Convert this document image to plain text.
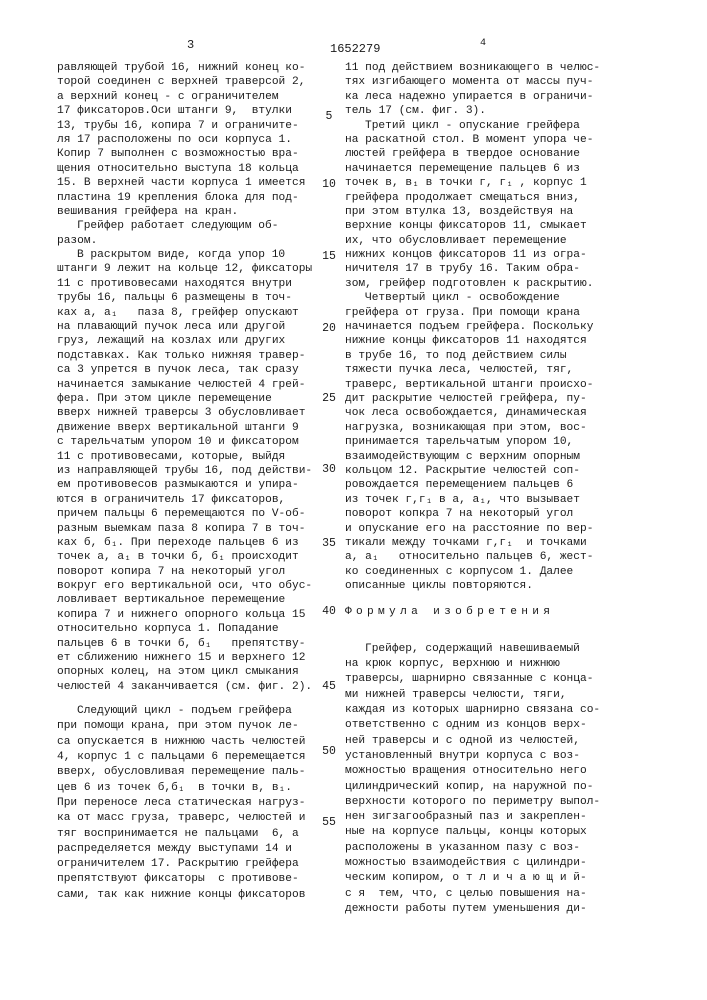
3	1652279	4
равляющей трубой 16, нижний конец ко-
торой соединен с верхней траверсой 2,
а верхний конец - с ограничителем
17 фиксаторов.Оси штанги 9,  втулки
13, трубы 16, копира 7 и ограничите-
ля 17 расположены по оси корпуса 1.
Копир 7 выполнен с возможностью вра-
щения относительно выступа 18 кольца
15. В верхней части корпуса 1 имеется
пластина 19 крепления блока для под-
вешивания грейфера на кран.
Грейфер работает следующим об-
разом.
В раскрытом виде, когда упор 10
штанги 9 лежит на кольце 12, фиксаторы
11 с противовесами находятся внутри
трубы 16, пальцы 6 размещены в точ-
ках а, а₁   паза 8, грейфер опускают
на плавающий пучок леса или другой
груз, лежащий на козлах или других
подставках. Как только нижняя травер-
са 3 упрется в пучок леса, так сразу
начинается замыкание челюстей 4 грей-
фера. При этом цикле перемещение
вверх нижней траверсы 3 обусловливает
движение вверх вертикальной штанги 9
с тарельчатым упором 10 и фиксатором
11 с противовесами, которые, выйдя
из направляющей трубы 16, под действи-
ем противовесов размыкаются и упира-
ются в ограничитель 17 фиксаторов,
причем пальцы 6 перемещаются по V-об-
разным выемкам паза 8 копира 7 в точ-
ках б, б₁. При переходе пальцев 6 из
точек а, а₁ в точки б, б₁ происходит
поворот копира 7 на некоторый угол
вокруг его вертикальной оси, что обус-
ловливает вертикальное перемещение
копира 7 и нижнего опорного кольца 15
относительно корпуса 1. Попадание
пальцев 6 в точки б, б₁   препятству-
ет сближению нижнего 15 и верхнего 12
опорных колец, на этом цикл смыкания
челюстей 4 заканчивается (см. фиг. 2).
Следующий цикл - подъем грейфера
при помощи крана, при этом пучок ле-
са опускается в нижнюю часть челюстей
4, корпус 1 с пальцами 6 перемещается
вверх, обусловливая перемещение паль-
цев 6 из точек б,б₁  в точки в, в₁.
При переносе леса статическая нагруз-
ка от масс груза, траверс, челюстей и
тяг воспринимается не пальцами  6, а
распределяется между выступами 14 и
ограничителем 17. Раскрытию грейфера
препятствуют фиксаторы  с противове-
сами, так как нижние концы фиксаторов
11 под действием возникающего в челюс-
тях изгибающего момента от массы пуч-
ка леса надежно упирается в ограничи-
тель 17 (см. фиг. 3).
Третий цикл - опускание грейфера
на раскатной стол. В момент упора че-
люстей грейфера в твердое основание
начинается перемещение пальцев 6 из
точек в, в₁ в точки г, г₁ , корпус 1
грейфера продолжает смещаться вниз,
при этом втулка 13, воздействуя на
верхние концы фиксаторов 11, смыкает
их, что обусловливает перемещение
нижних концов фиксаторов 11 из огра-
ничителя 17 в трубу 16. Таким обра-
зом, грейфер подготовлен к раскрытию.
Четвертый цикл - освобождение
грейфера от груза. При помощи крана
начинается подъем грейфера. Поскольку
нижние концы фиксаторов 11 находятся
в трубе 16, то под действием силы
тяжести пучка леса, челюстей, тяг,
траверс, вертикальной штанги происхо-
дит раскрытие челюстей грейфера, пу-
чок леса освобождается, динамическая
нагрузка, возникающая при этом, вос-
принимается тарельчатым упором 10,
взаимодействующим с верхним опорным
кольцом 12. Раскрытие челюстей соп-
ровождается перемещением пальцев 6
из точек г,г₁ в а, а₁, что вызывает
поворот копкра 7 на некоторый угол
и опускание его на расстояние по вер-
тикали между точками г,г₁  и точками
а, а₁   относительно пальцев 6, жест-
ко соединенных с корпусом 1. Далее
описанные циклы повторяются.
Формула изобретения
Грейфер, содержащий навешиваемый
на крюк корпус, верхнюю и нижнюю
траверсы, шарнирно связанные с конца-
ми нижней траверсы челюсти, тяги,
каждая из которых шарнирно связана со-
ответственно с одним из концов верх-
ней траверсы и с одной из челюстей,
установленный внутри корпуса с воз-
можностью вращения относительно него
цилиндрический копир, на наружной по-
верхности которого по периметру выпол-
нен зигзагообразный паз и закреплен-
ные на корпусе пальцы, концы которых
расположены в указанном пазу с воз-
можностью взаимодействия с цилиндри-
ческим копиром, о т л и ч а ю щ и й-
с я  тем, что, с целью повышения на-
дежности работы путем уменьшения ди-
5
10
15
20
25
30
35
40
45
50
55
